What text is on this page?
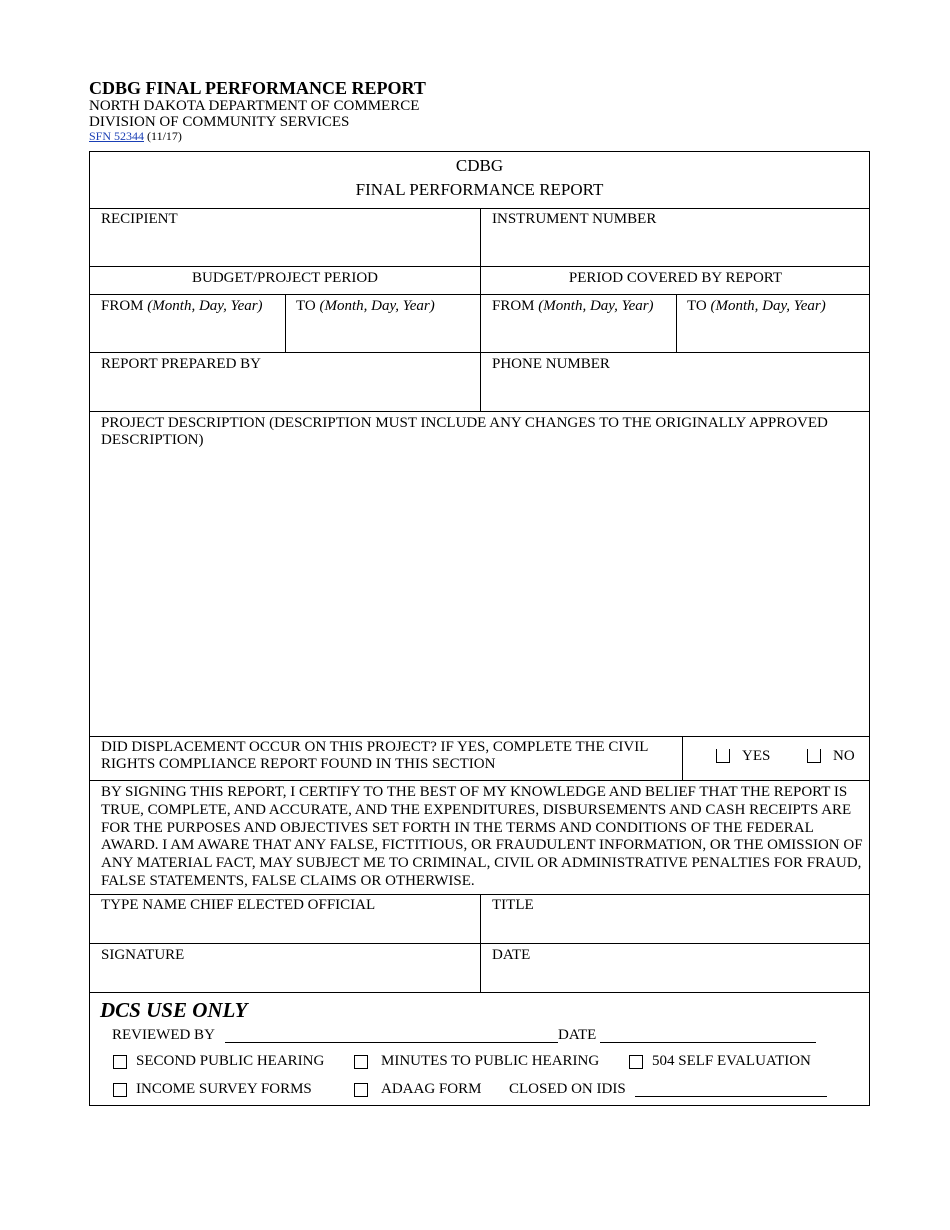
CDBG FINAL PERFORMANCE REPORT
NORTH DAKOTA DEPARTMENT OF COMMERCE
DIVISION OF COMMUNITY SERVICES
SFN 52344 (11/17)
CDBG
FINAL PERFORMANCE REPORT
RECIPIENT	INSTRUMENT NUMBER
BUDGET/PROJECT PERIOD	PERIOD COVERED BY REPORT
FROM (Month, Day, Year) TO (Month, Day, Year)	FROM (Month, Day, Year) TO (Month, Day, Year)
REPORT PREPARED BY	PHONE NUMBER
PROJECT DESCRIPTION (DESCRIPTION MUST INCLUDE ANY CHANGES TO THE ORIGINALLY APPROVED DESCRIPTION)
DID DISPLACEMENT OCCUR ON THIS PROJECT? IF YES, COMPLETE THE CIVIL RIGHTS COMPLIANCE REPORT FOUND IN THIS SECTION	YES	NO
BY SIGNING THIS REPORT, I CERTIFY TO THE BEST OF MY KNOWLEDGE AND BELIEF THAT THE REPORT IS TRUE, COMPLETE, AND ACCURATE, AND THE EXPENDITURES, DISBURSEMENTS AND CASH RECEIPTS ARE FOR THE PURPOSES AND OBJECTIVES SET FORTH IN THE TERMS AND CONDITIONS OF THE FEDERAL AWARD. I AM AWARE THAT ANY FALSE, FICTITIOUS, OR FRAUDULENT INFORMATION, OR THE OMISSION OF ANY MATERIAL FACT, MAY SUBJECT ME TO CRIMINAL, CIVIL OR ADMINISTRATIVE PENALTIES FOR FRAUD, FALSE STATEMENTS, FALSE CLAIMS OR OTHERWISE.
TYPE NAME CHIEF ELECTED OFFICIAL	TITLE
SIGNATURE	DATE
DCS USE ONLY
REVIEWED BY	DATE
SECOND PUBLIC HEARING	MINUTES TO PUBLIC HEARING	504 SELF EVALUATION
INCOME SURVEY FORMS	ADAAG FORM CLOSED ON IDIS
